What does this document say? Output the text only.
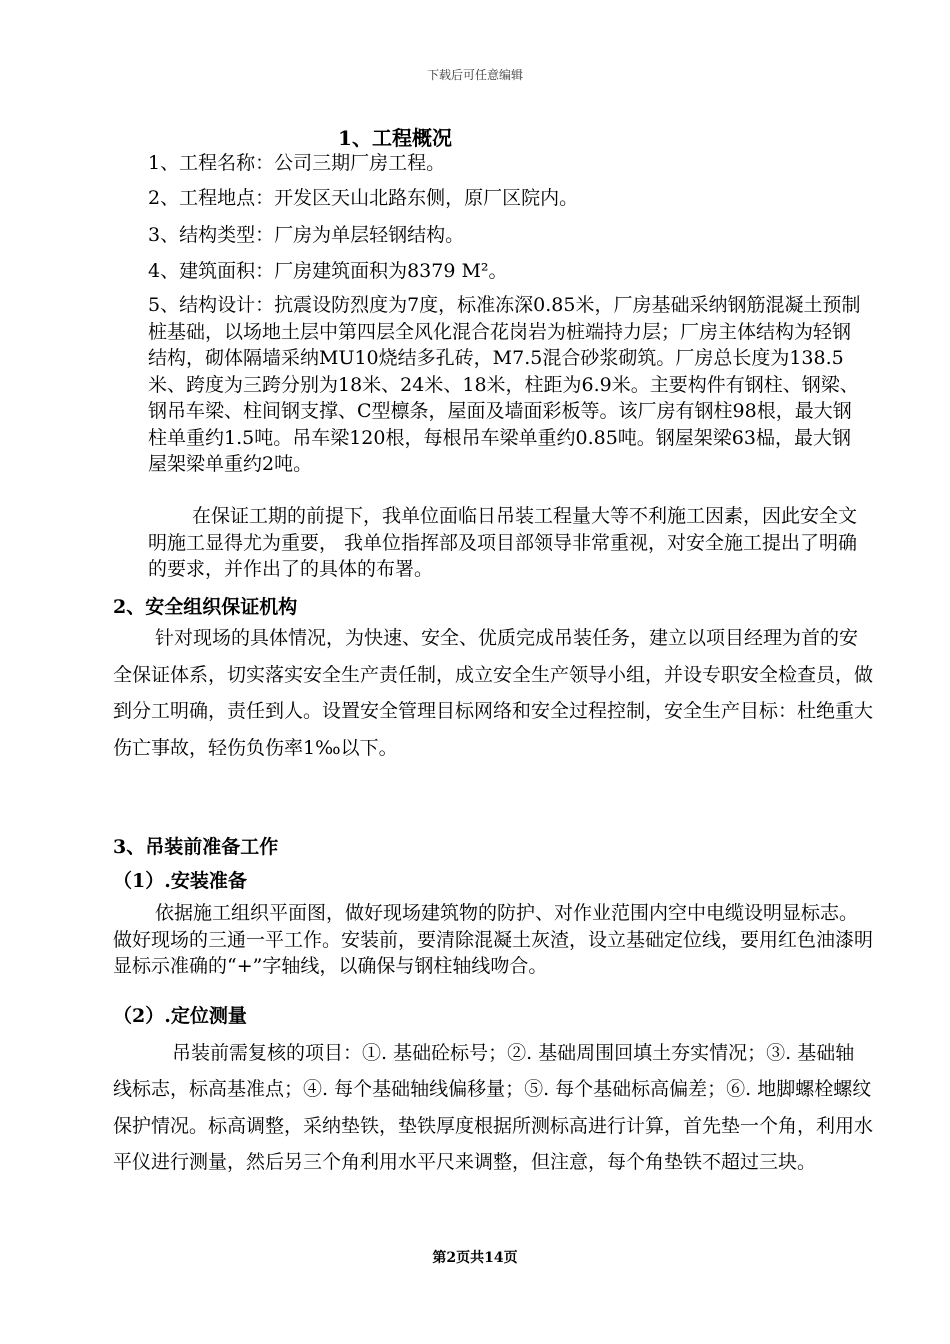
下载后可任意编辑
1、工程概况
1、工程名称：公司三期厂房工程。
2、工程地点：开发区天山北路东侧，原厂区院内。
3、结构类型：厂房为单层轻钢结构。
4、建筑面积：厂房建筑面积为8379 M²。
5、结构设计：抗震设防烈度为7度，标准冻深0.85米，厂房基础采纳钢筋混凝土预制桩基础，以场地土层中第四层全风化混合花岗岩为桩端持力层；厂房主体结构为轻钢结构，砌体隔墙采纳MU10烧结多孔砖，M7.5混合砂浆砌筑。厂房总长度为138.5米、跨度为三跨分别为18米、24米、18米，柱距为6.9米。主要构件有钢柱、钢梁、钢吊车梁、柱间钢支撑、C型檩条，屋面及墙面彩板等。该厂房有钢柱98根，最大钢柱单重约1.5吨。吊车梁120根，每根吊车梁单重约0.85吨。钢屋架梁63榀，最大钢屋架梁单重约2吨。
在保证工期的前提下，我单位面临日吊装工程量大等不利施工因素，因此安全文明施工显得尤为重要， 我单位指挥部及项目部领导非常重视，对安全施工提出了明确的要求，并作出了的具体的布署。
2、安全组织保证机构
针对现场的具体情况，为快速、安全、优质完成吊装任务，建立以项目经理为首的安全保证体系，切实落实安全生产责任制，成立安全生产领导小组，并设专职安全检查员，做到分工明确，责任到人。设置安全管理目标网络和安全过程控制，安全生产目标：杜绝重大伤亡事故，轻伤负伤率1‰以下。
3、吊装前准备工作
（1）.安装准备
依据施工组织平面图，做好现场建筑物的防护、对作业范围内空中电缆设明显标志。做好现场的三通一平工作。安装前，要清除混凝土灰渣，设立基础定位线，要用红色油漆明显标示准确的“+”字轴线，以确保与钢柱轴线吻合。
（2）.定位测量
吊装前需复核的项目：①. 基础砼标号；②. 基础周围回填土夯实情况；③. 基础轴线标志，标高基准点；④. 每个基础轴线偏移量；⑤. 每个基础标高偏差；⑥. 地脚螺栓螺纹保护情况。标高调整，采纳垫铁，垫铁厚度根据所测标高进行计算，首先垫一个角，利用水平仪进行测量，然后另三个角利用水平尺来调整，但注意，每个角垫铁不超过三块。
第2页共14页
